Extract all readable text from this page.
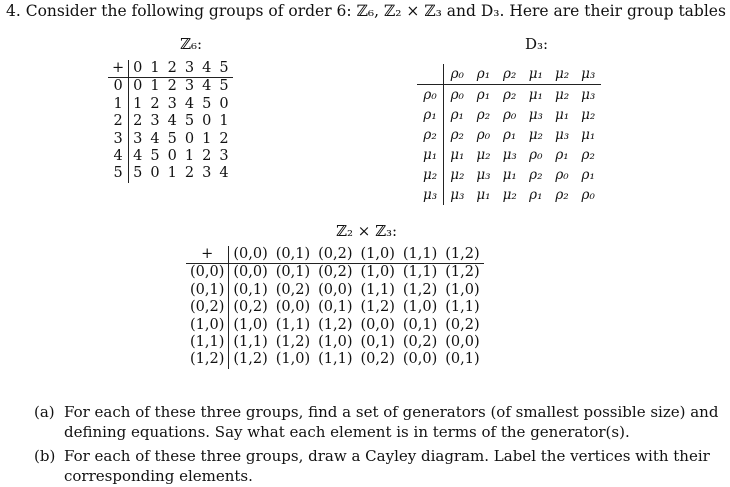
4. Consider the following groups of order 6: ℤ₆, ℤ₂ × ℤ₃ and D₃. Here are their group tables
ℤ₆:
+	0	1	2	3	4	5
0	0	1	2	3	4	5
1	1	2	3	4	5	0
2	2	3	4	5	0	1
3	3	4	5	0	1	2
4	4	5	0	1	2	3
5	5	0	1	2	3	4
D₃:
	ρ₀	ρ₁	ρ₂	μ₁	μ₂	μ₃
ρ₀	ρ₀	ρ₁	ρ₂	μ₁	μ₂	μ₃
ρ₁	ρ₁	ρ₂	ρ₀	μ₃	μ₁	μ₂
ρ₂	ρ₂	ρ₀	ρ₁	μ₂	μ₃	μ₁
μ₁	μ₁	μ₂	μ₃	ρ₀	ρ₁	ρ₂
μ₂	μ₂	μ₃	μ₁	ρ₂	ρ₀	ρ₁
μ₃	μ₃	μ₁	μ₂	ρ₁	ρ₂	ρ₀
ℤ₂ × ℤ₃:
+	(0,0)	(0,1)	(0,2)	(1,0)	(1,1)	(1,2)
(0,0)	(0,0)	(0,1)	(0,2)	(1,0)	(1,1)	(1,2)
(0,1)	(0,1)	(0,2)	(0,0)	(1,1)	(1,2)	(1,0)
(0,2)	(0,2)	(0,0)	(0,1)	(1,2)	(1,0)	(1,1)
(1,0)	(1,0)	(1,1)	(1,2)	(0,0)	(0,1)	(0,2)
(1,1)	(1,1)	(1,2)	(1,0)	(0,1)	(0,2)	(0,0)
(1,2)	(1,2)	(1,0)	(1,1)	(0,2)	(0,0)	(0,1)
(a) For each of these three groups, find a set of generators (of smallest possible size) and
defining equations. Say what each element is in terms of the generator(s).
(b) For each of these three groups, draw a Cayley diagram. Label the vertices with their
corresponding elements.
